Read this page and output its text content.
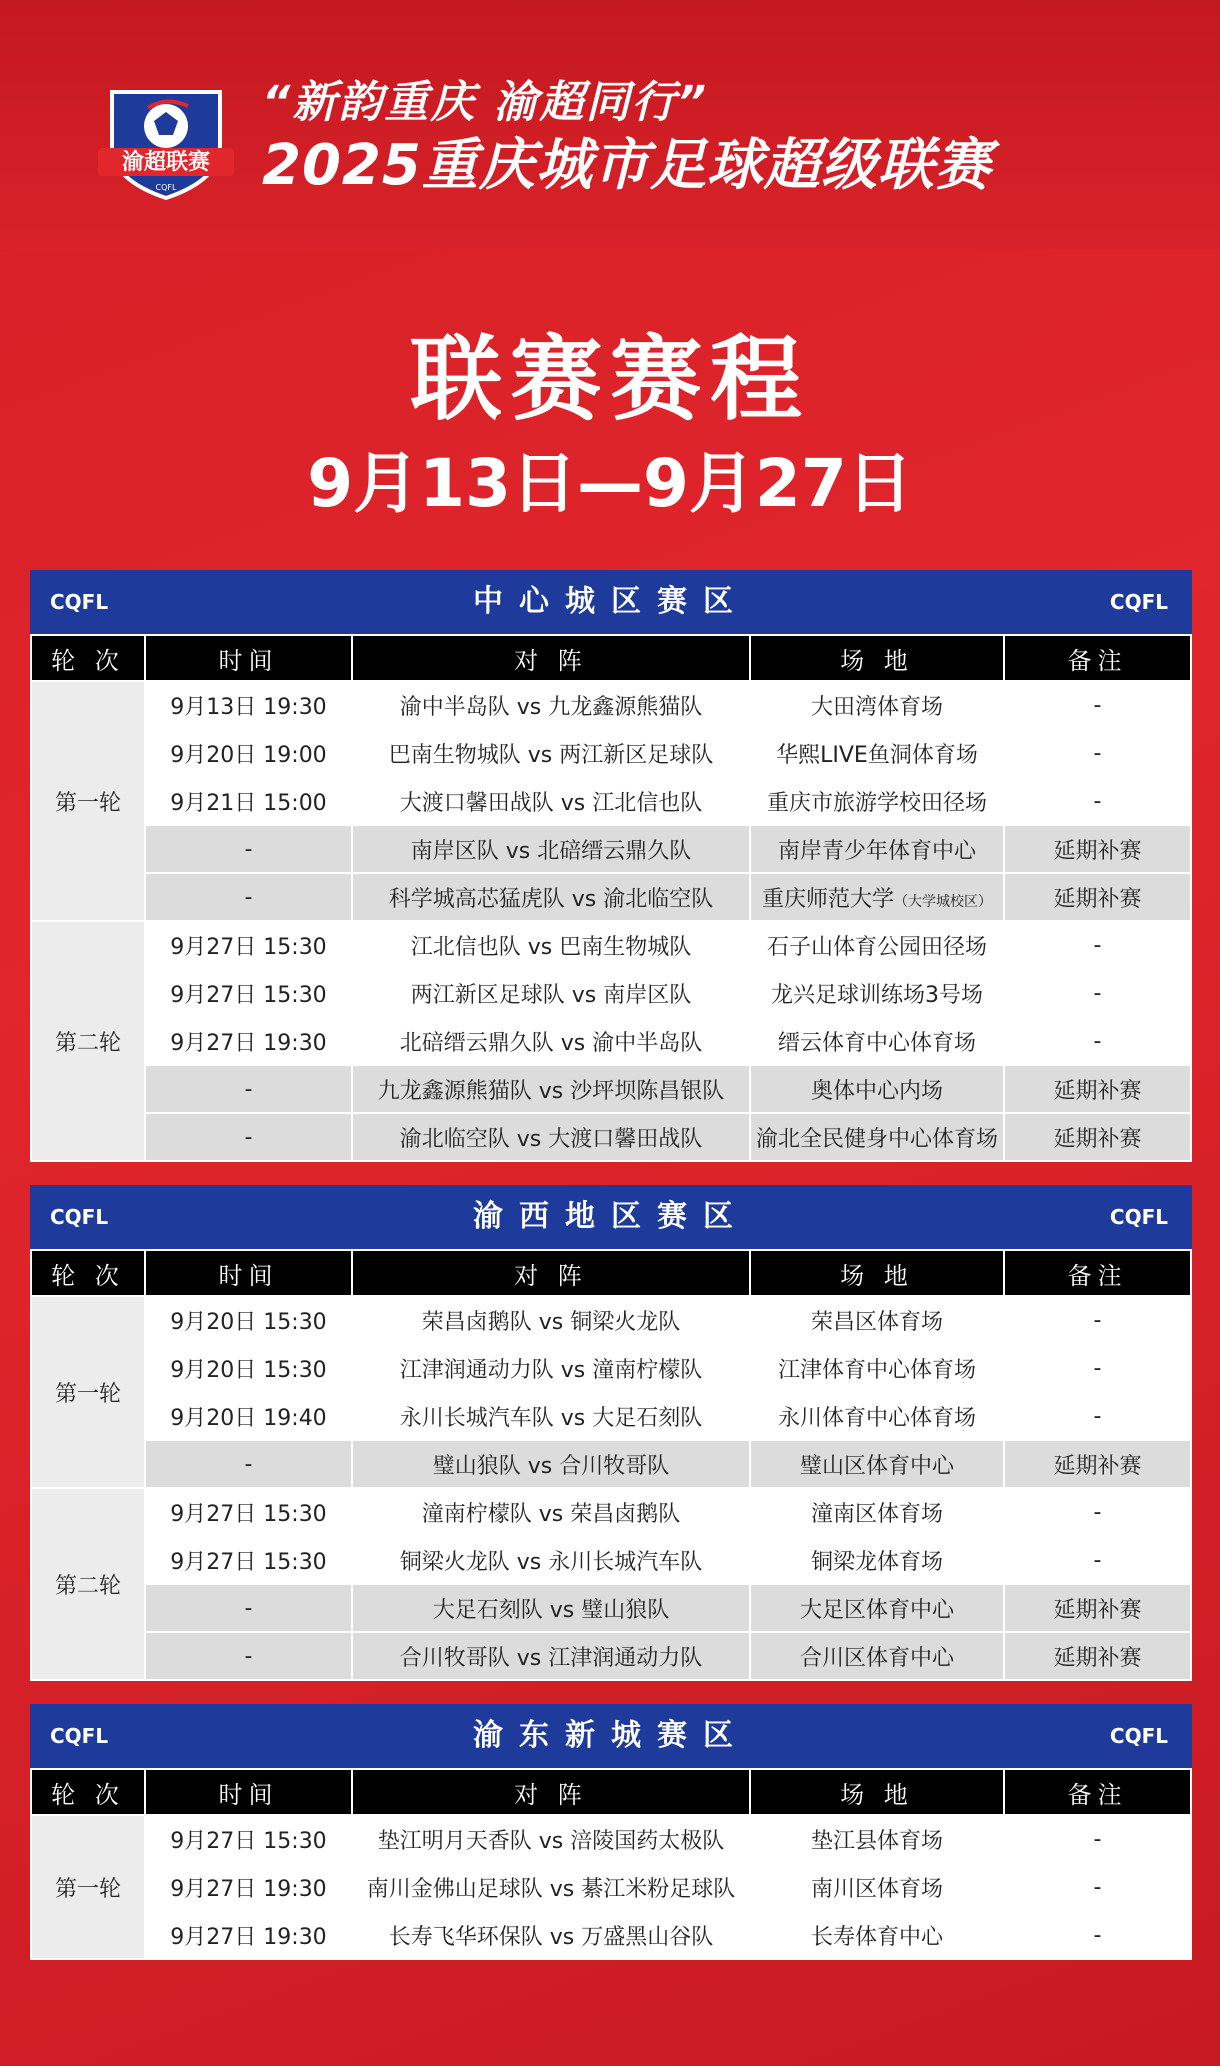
渝超联赛
CQFL
“新韵重庆 渝超同行”
2025重庆城市足球超级联赛
联赛赛程
9月13日—9月27日
CQFL	中心城区赛区	CQFL
轮 次	时间	对 阵	场 地	备注
第一轮	9月13日 19:30	渝中半岛队 vs 九龙鑫源熊猫队	大田湾体育场	-
	9月20日 19:00	巴南生物城队 vs 两江新区足球队	华熙LIVE鱼洞体育场	-
	9月21日 15:00	大渡口馨田战队 vs 江北信也队	重庆市旅游学校田径场	-
	-	南岸区队 vs 北碚缙云鼎久队	南岸青少年体育中心	延期补赛
	-	科学城高芯猛虎队 vs 渝北临空队	重庆师范大学（大学城校区）	延期补赛
第二轮	9月27日 15:30	江北信也队 vs 巴南生物城队	石子山体育公园田径场	-
	9月27日 15:30	两江新区足球队 vs 南岸区队	龙兴足球训练场3号场	-
	9月27日 19:30	北碚缙云鼎久队 vs 渝中半岛队	缙云体育中心体育场	-
	-	九龙鑫源熊猫队 vs 沙坪坝陈昌银队	奥体中心内场	延期补赛
	-	渝北临空队 vs 大渡口馨田战队	渝北全民健身中心体育场	延期补赛
CQFL	渝西地区赛区	CQFL
轮 次	时间	对 阵	场 地	备注
第一轮	9月20日 15:30	荣昌卤鹅队 vs 铜梁火龙队	荣昌区体育场	-
	9月20日 15:30	江津润通动力队 vs 潼南柠檬队	江津体育中心体育场	-
	9月20日 19:40	永川长城汽车队 vs 大足石刻队	永川体育中心体育场	-
	-	璧山狼队 vs 合川牧哥队	璧山区体育中心	延期补赛
第二轮	9月27日 15:30	潼南柠檬队 vs 荣昌卤鹅队	潼南区体育场	-
	9月27日 15:30	铜梁火龙队 vs 永川长城汽车队	铜梁龙体育场	-
	-	大足石刻队 vs 璧山狼队	大足区体育中心	延期补赛
	-	合川牧哥队 vs 江津润通动力队	合川区体育中心	延期补赛
CQFL	渝东新城赛区	CQFL
轮 次	时间	对 阵	场 地	备注
第一轮	9月27日 15:30	垫江明月天香队 vs 涪陵国药太极队	垫江县体育场	-
	9月27日 19:30	南川金佛山足球队 vs 綦江米粉足球队	南川区体育场	-
	9月27日 19:30	长寿飞华环保队 vs 万盛黑山谷队	长寿体育中心	-
